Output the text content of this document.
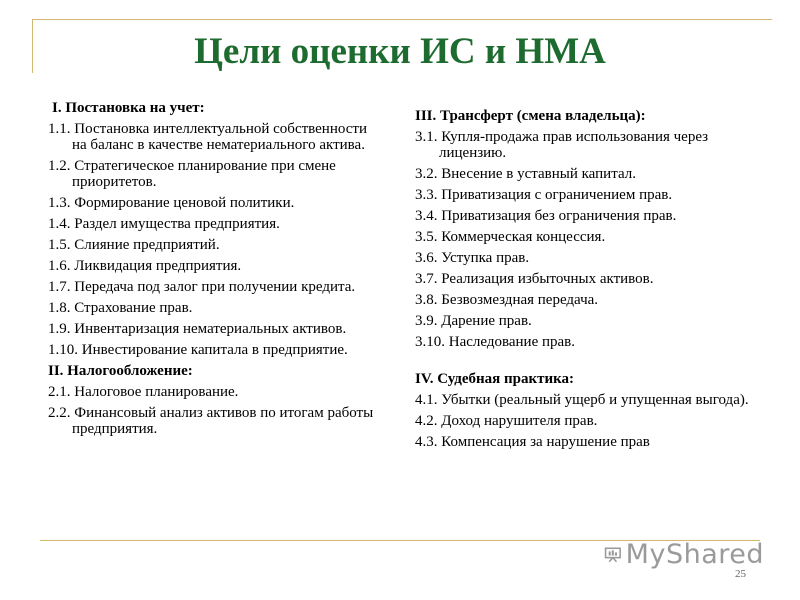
Цели оценки ИС и НМА
I. Постановка на учет:
1.1. Постановка интеллектуальной собственности на баланс в качестве нематериального актива.
1.2. Стратегическое планирование при смене приоритетов.
1.3. Формирование ценовой политики.
1.4. Раздел имущества предприятия.
1.5. Слияние предприятий.
1.6. Ликвидация предприятия.
1.7. Передача под залог при получении кредита.
1.8. Страхование прав.
1.9. Инвентаризация нематериальных активов.
1.10. Инвестирование капитала в предприятие.
II. Налогообложение:
2.1. Налоговое планирование.
2.2. Финансовый анализ активов по итогам работы предприятия.
III. Трансферт (смена владельца):
3.1. Купля-продажа прав использования через лицензию.
3.2. Внесение в уставный капитал.
3.3. Приватизация с ограничением прав.
3.4. Приватизация без ограничения прав.
3.5. Коммерческая концессия.
3.6. Уступка прав.
3.7. Реализация избыточных активов.
3.8. Безвозмездная передача.
3.9. Дарение прав.
3.10. Наследование прав.
IV. Судебная практика:
4.1. Убытки (реальный ущерб и упущенная выгода).
4.2. Доход нарушителя прав.
4.3. Компенсация за нарушение прав
MyShared
25
